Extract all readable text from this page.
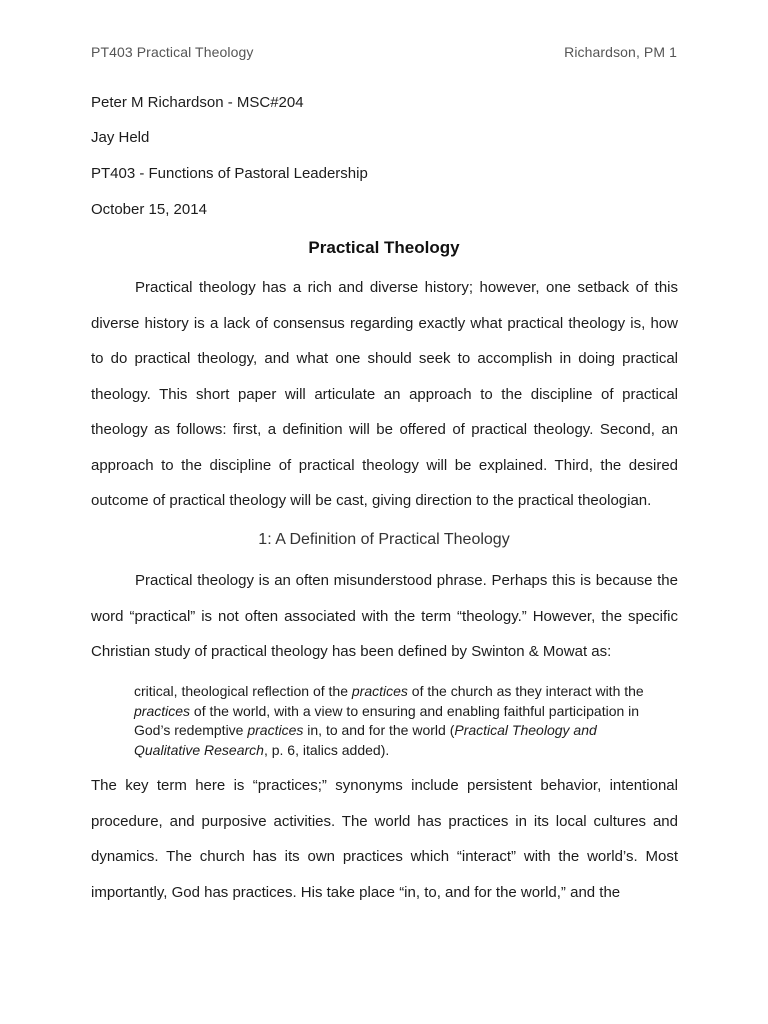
PT403 Practical Theology	Richardson, PM 1
Peter M Richardson - MSC#204
Jay Held
PT403 - Functions of Pastoral Leadership
October 15, 2014
Practical Theology

Practical theology has a rich and diverse history; however, one setback of this diverse history is a lack of consensus regarding exactly what practical theology is, how to do practical theology, and what one should seek to accomplish in doing practical theology. This short paper will articulate an approach to the discipline of practical theology as follows: first, a definition will be offered of practical theology. Second, an approach to the discipline of practical theology will be explained. Third, the desired outcome of practical theology will be cast, giving direction to the practical theologian.

1: A Definition of Practical Theology

Practical theology is an often misunderstood phrase. Perhaps this is because the word “practical” is not often associated with the term “theology.” However, the specific Christian study of practical theology has been defined by Swinton & Mowat as:

critical, theological reflection of the practices of the church as they interact with the practices of the world, with a view to ensuring and enabling faithful participation in God’s redemptive practices in, to and for the world (Practical Theology and Qualitative Research, p. 6, italics added).

The key term here is “practices;” synonyms include persistent behavior, intentional procedure, and purposive activities. The world has practices in its local cultures and dynamics. The church has its own practices which “interact” with the world’s. Most importantly, God has practices. His take place “in, to, and for the world,” and the
